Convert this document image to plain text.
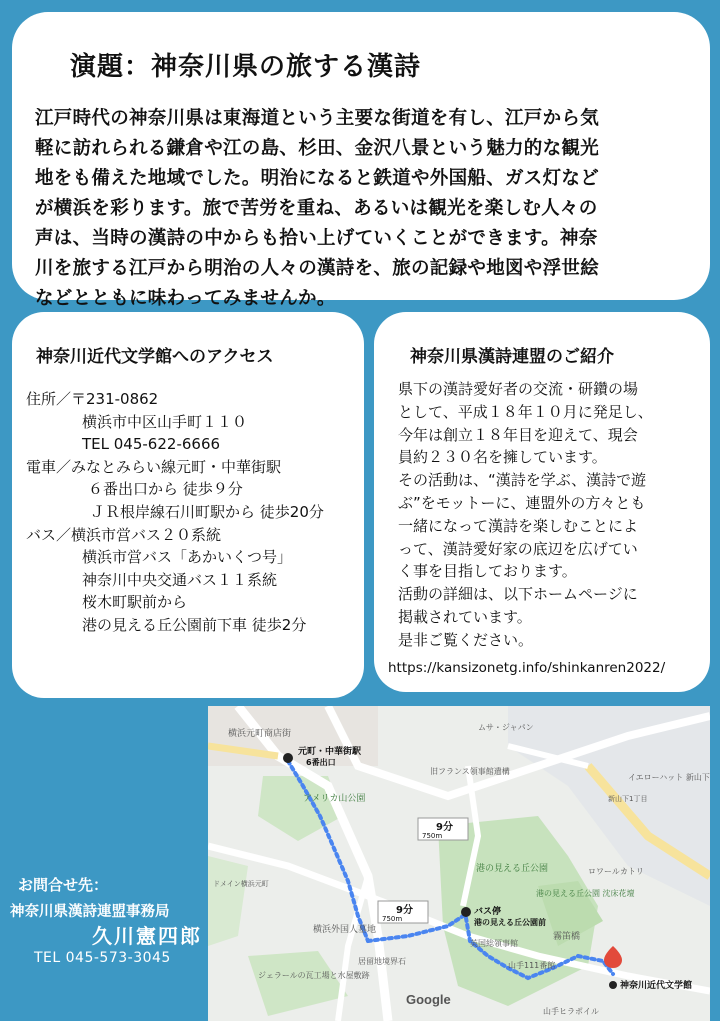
演題：神奈川県の旅する漢詩
江戸時代の神奈川県は東海道という主要な街道を有し、江戸から気
軽に訪れられる鎌倉や江の島、杉田、金沢八景という魅力的な観光
地をも備えた地域でした。明治になると鉄道や外国船、ガス灯など
が横浜を彩ります。旅で苦労を重ね、あるいは観光を楽しむ人々の
声は、当時の漢詩の中からも拾い上げていくことができます。神奈
川を旅する江戸から明治の人々の漢詩を、旅の記録や地図や浮世絵
などとともに味わってみませんか。
神奈川近代文学館へのアクセス
住所／〒231-0862
横浜市中区山手町１１０
TEL 045-622-6666
電車／みなとみらい線元町・中華街駅
６番出口から 徒歩９分
ＪＲ根岸線石川町駅から 徒歩20分
バス／横浜市営バス２０系統
横浜市営バス「あかいくつ号」
神奈川中央交通バス１１系統
桜木町駅前から
港の見える丘公園前下車 徒歩2分
神奈川県漢詩連盟のご紹介
県下の漢詩愛好者の交流・研鑽の場
として、平成１８年１０月に発足し、
今年は創立１８年目を迎えて、現会
員約２３０名を擁しています。
その活動は、“漢詩を学ぶ、漢詩で遊
ぶ”をモットーに、連盟外の方々とも
一緒になって漢詩を楽しむことによ
って、漢詩愛好家の底辺を広げてい
く事を目指しております。
活動の詳細は、以下ホームページに
掲載されています。
是非ご覧ください。
https://kansizonetg.info/shinkanren2022/
お問合せ先：
神奈川県漢詩連盟事務局
久川憲四郎
TEL 045-573-3045
横浜元町商店街
アメリカ山公園
横浜外国人墓地
港の見える丘公園
港の見える丘公園 沈床花壇
英国総領事館
霧笛橋
旧フランス領事館遺構
山手111番館
ムサ・ジャパン
イエローハット 新山下
新山下1丁目
ドメイン横浜元町
ジェラールの瓦工場と水屋敷跡
居留地境界石
ロワールカトリ
山手ヒラポイル
元町・中華街駅
6番出口
バス停
港の見える丘公園前
神奈川近代文学館
9分
750m
9分
750m
Google
